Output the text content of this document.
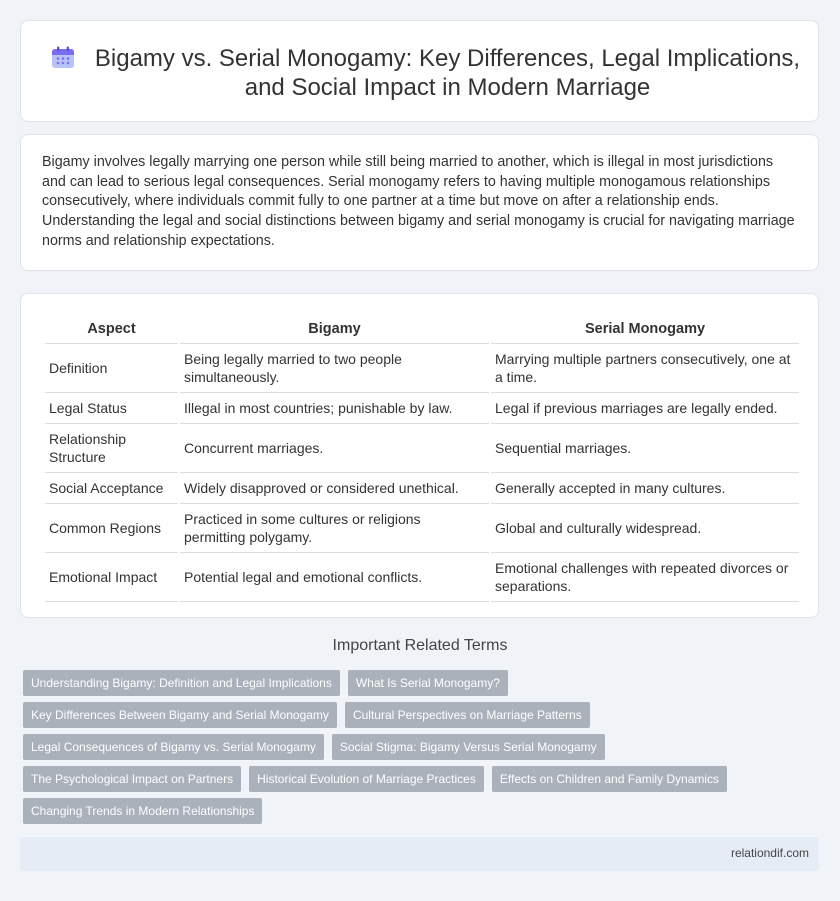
Bigamy vs. Serial Monogamy: Key Differences, Legal Implications, and Social Impact in Modern Marriage

Bigamy involves legally marrying one person while still being married to another, which is illegal in most jurisdictions and can lead to serious legal consequences. Serial monogamy refers to having multiple monogamous relationships consecutively, where individuals commit fully to one partner at a time but move on after a relationship ends. Understanding the legal and social distinctions between bigamy and serial monogamy is crucial for navigating marriage norms and relationship expectations.

Aspect	Bigamy	Serial Monogamy
Definition	Being legally married to two people simultaneously.	Marrying multiple partners consecutively, one at a time.
Legal Status	Illegal in most countries; punishable by law.	Legal if previous marriages are legally ended.
Relationship Structure	Concurrent marriages.	Sequential marriages.
Social Acceptance	Widely disapproved or considered unethical.	Generally accepted in many cultures.
Common Regions	Practiced in some cultures or religions permitting polygamy.	Global and culturally widespread.
Emotional Impact	Potential legal and emotional conflicts.	Emotional challenges with repeated divorces or separations.
Important Related Terms
Understanding Bigamy: Definition and Legal Implications	What Is Serial Monogamy?
Key Differences Between Bigamy and Serial Monogamy	Cultural Perspectives on Marriage Patterns
Legal Consequences of Bigamy vs. Serial Monogamy	Social Stigma: Bigamy Versus Serial Monogamy
The Psychological Impact on Partners	Historical Evolution of Marriage Practices	Effects on Children and Family Dynamics
Changing Trends in Modern Relationships
relationdif.com
